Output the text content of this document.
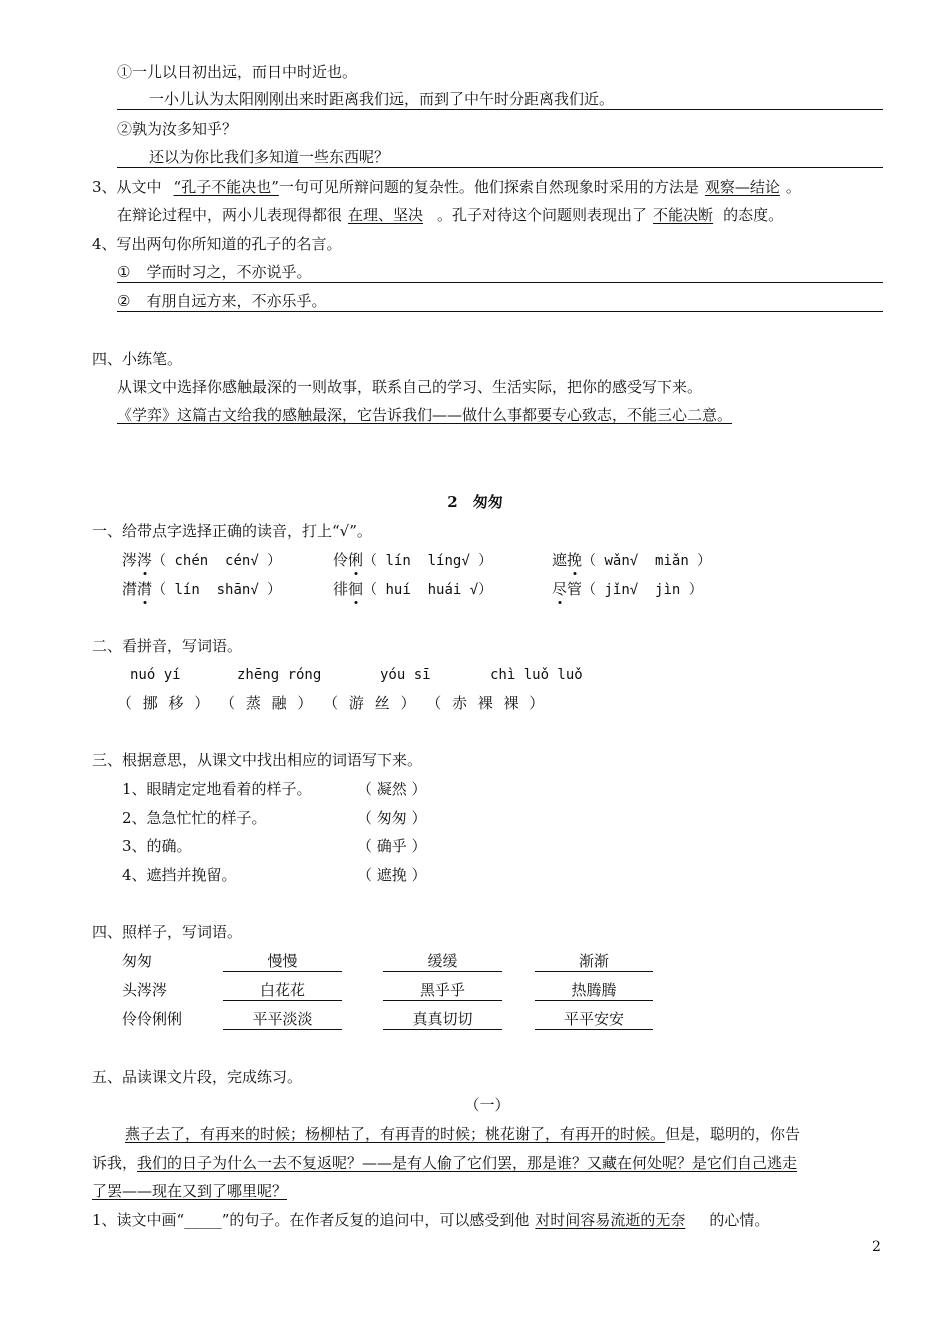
①一儿以日初出远，而日中时近也。
一小儿认为太阳刚刚出来时距离我们远，而到了中午时分距离我们近。
②孰为汝多知乎？
还以为你比我们多知道一些东西呢？
3、从文中 “孔子不能决也”一句可见所辩问题的复杂性。他们探索自然现象时采用的方法是 观察—结论 。
在辩论过程中，两小儿表现得都很 在理、坚决 。孔子对待这个问题则表现出了 不能决断 的态度。
4、写出两句你所知道的孔子的名言。
① 学而时习之，不亦说乎。
② 有朋自远方来，不亦乐乎。
四、小练笔。
从课文中选择你感触最深的一则故事，联系自己的学习、生活实际，把你的感受写下来。
《学弈》这篇古文给我的感触最深，它告诉我们——做什么事都要专心致志，不能三心二意。
2　匆匆
一、给带点字选择正确的读音，打上“√”。
涔涔（ chén  cén√ ）	伶俐（ lín  líng√ ）	遮挽（ wǎn√  miǎn ）
潸潸（ lín  shān√ ）	徘徊（ huí  huái √）	尽管（ jǐn√  jìn ）
二、看拼音，写词语。
nuó yí	zhēng róng	yóu sī	chì luǒ luǒ
（ 挪 移 ） （ 蒸 融 ） （ 游 丝 ） （ 赤 裸 裸 ）
三、根据意思，从课文中找出相应的词语写下来。
1、眼睛定定地看着的样子。	（ 凝然 ）
2、急急忙忙的样子。	（ 匆匆 ）
3、的确。	（ 确乎 ）
4、遮挡并挽留。	（ 遮挽 ）
四、照样子，写词语。
匆匆	慢慢	缓缓	渐渐
头涔涔	白花花	黑乎乎	热腾腾
伶伶俐俐	平平淡淡	真真切切	平平安安
五、品读课文片段，完成练习。
（一）
燕子去了，有再来的时候；杨柳枯了，有再青的时候；桃花谢了，有再开的时候。但是，聪明的，你告
诉我，我们的日子为什么一去不复返呢？——是有人偷了它们罢，那是谁？又藏在何处呢？是它们自己逃走
了罢——现在又到了哪里呢？
1、读文中画“_____”的句子。在作者反复的追问中，可以感受到他 对时间容易流逝的无奈 的心情。
2
